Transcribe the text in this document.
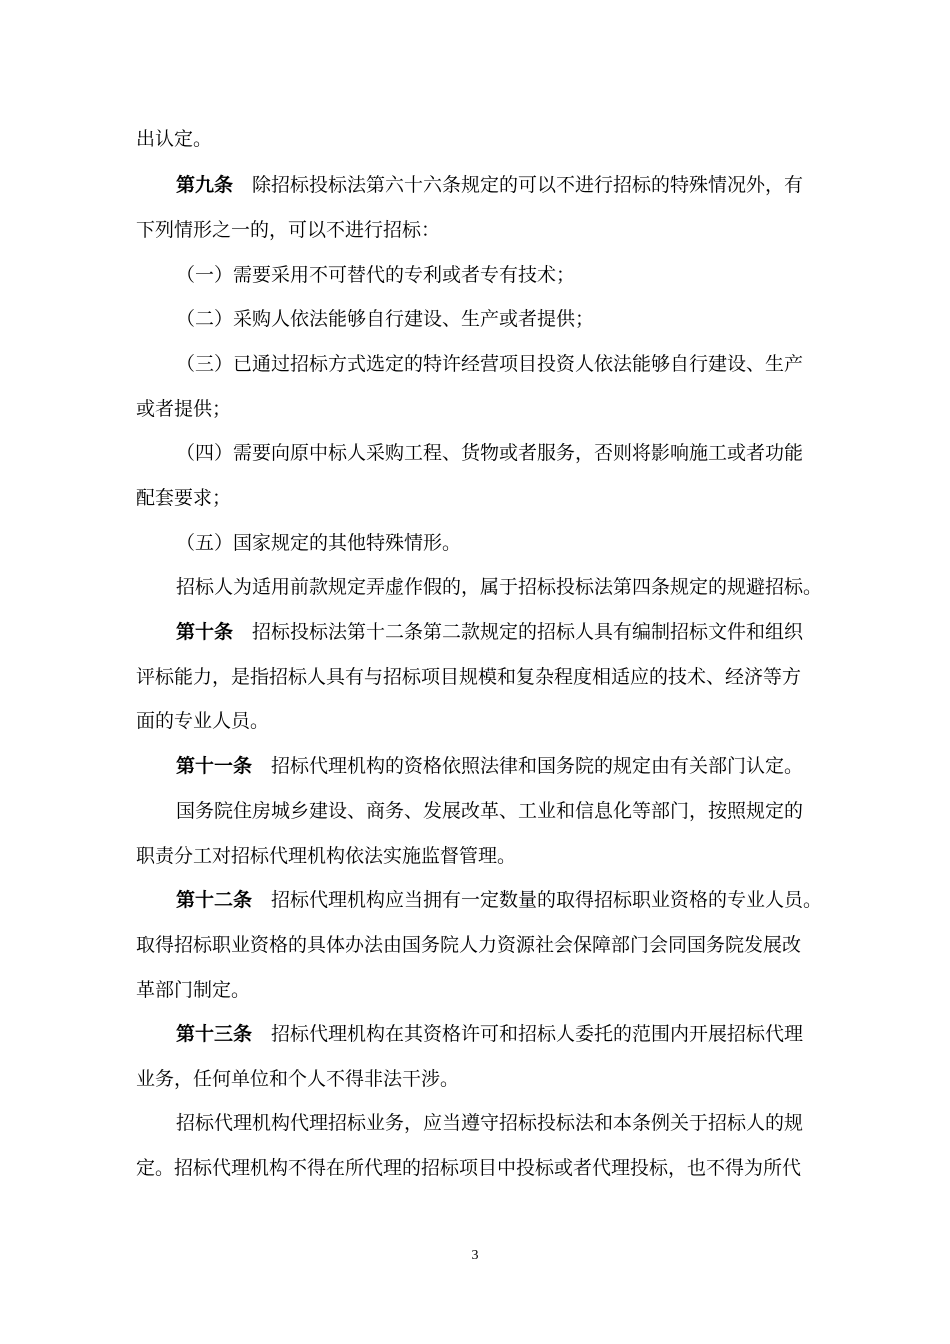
出认定。
第九条　除招标投标法第六十六条规定的可以不进行招标的特殊情况外，有
下列情形之一的，可以不进行招标：
（一）需要采用不可替代的专利或者专有技术；
（二）采购人依法能够自行建设、生产或者提供；
（三）已通过招标方式选定的特许经营项目投资人依法能够自行建设、生产
或者提供；
（四）需要向原中标人采购工程、货物或者服务，否则将影响施工或者功能
配套要求；
（五）国家规定的其他特殊情形。
招标人为适用前款规定弄虚作假的，属于招标投标法第四条规定的规避招标。
第十条　招标投标法第十二条第二款规定的招标人具有编制招标文件和组织
评标能力，是指招标人具有与招标项目规模和复杂程度相适应的技术、经济等方
面的专业人员。
第十一条　招标代理机构的资格依照法律和国务院的规定由有关部门认定。
国务院住房城乡建设、商务、发展改革、工业和信息化等部门，按照规定的
职责分工对招标代理机构依法实施监督管理。
第十二条　招标代理机构应当拥有一定数量的取得招标职业资格的专业人员。
取得招标职业资格的具体办法由国务院人力资源社会保障部门会同国务院发展改
革部门制定。
第十三条　招标代理机构在其资格许可和招标人委托的范围内开展招标代理
业务，任何单位和个人不得非法干涉。
招标代理机构代理招标业务，应当遵守招标投标法和本条例关于招标人的规
定。招标代理机构不得在所代理的招标项目中投标或者代理投标，也不得为所代
3
